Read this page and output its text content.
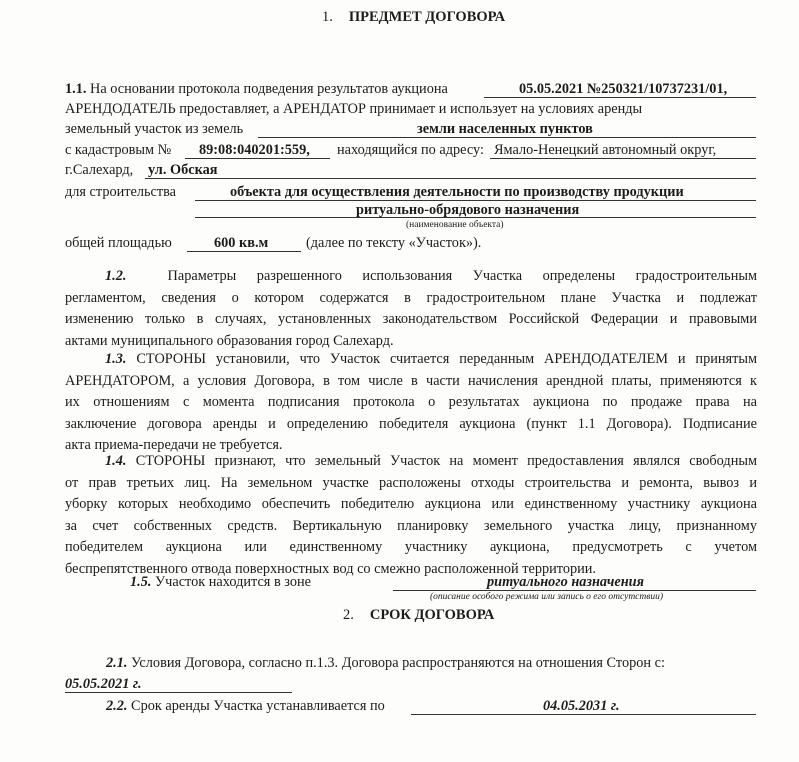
1. ПРЕДМЕТ ДОГОВОРА
1.1. На основании протокола подведения результатов аукциона	05.05.2021 №250321/10737231/01,
АРЕНДОДАТЕЛЬ предоставляет, а АРЕНДАТОР принимает и использует на условиях аренды
земельный участок из земель	земли населенных пунктов
с кадастровым № 89:08:040201:559, находящийся по адресу: Ямало-Ненецкий автономный округ,
г.Салехард, ул. Обская
для строительства	объекта для осуществления деятельности по производству продукции
ритуально-обрядового назначения
(наименование объекта)
общей площадью	600 кв.м	(далее по тексту «Участок»).

1.2.	Параметры разрешенного использования Участка определены градостроительным

регламентом, сведения о котором содержатся в градостроительном плане Участка и подлежат

изменению только в случаях, установленных законодательством Российской Федерации и правовыми

актами муниципального образования город Салехард.

1.3. СТОРОНЫ установили, что Участок считается переданным АРЕНДОДАТЕЛЕМ и принятым

АРЕНДАТОРОМ, а условия Договора, в том числе в части начисления арендной платы, применяются к

их отношениям с момента подписания протокола о результатах аукциона по продаже права на

заключение договора аренды и определению победителя аукциона (пункт 1.1 Договора). Подписание

акта приема-передачи не требуется.

1.4. СТОРОНЫ признают, что земельный Участок на момент предоставления являлся свободным

от прав третьих лиц. На земельном участке расположены отходы строительства и ремонта, вывоз и

уборку которых необходимо обеспечить победителю аукциона или единственному участнику аукциона

за счет собственных средств. Вертикальную планировку земельного участка лицу, признанному

победителем аукциона или единственному участнику аукциона, предусмотреть с учетом

беспрепятственного отвода поверхностных вод со смежно расположенной территории.

1.5. Участок находится в зоне	ритуального назначения
(описание особого режима или запись о его отсутствии)
2. СРОК ДОГОВОРА
2.1. Условия Договора, согласно п.1.3. Договора распространяются на отношения Сторон с:
05.05.2021 г.
2.2. Срок аренды Участка устанавливается по	04.05.2031 г.
